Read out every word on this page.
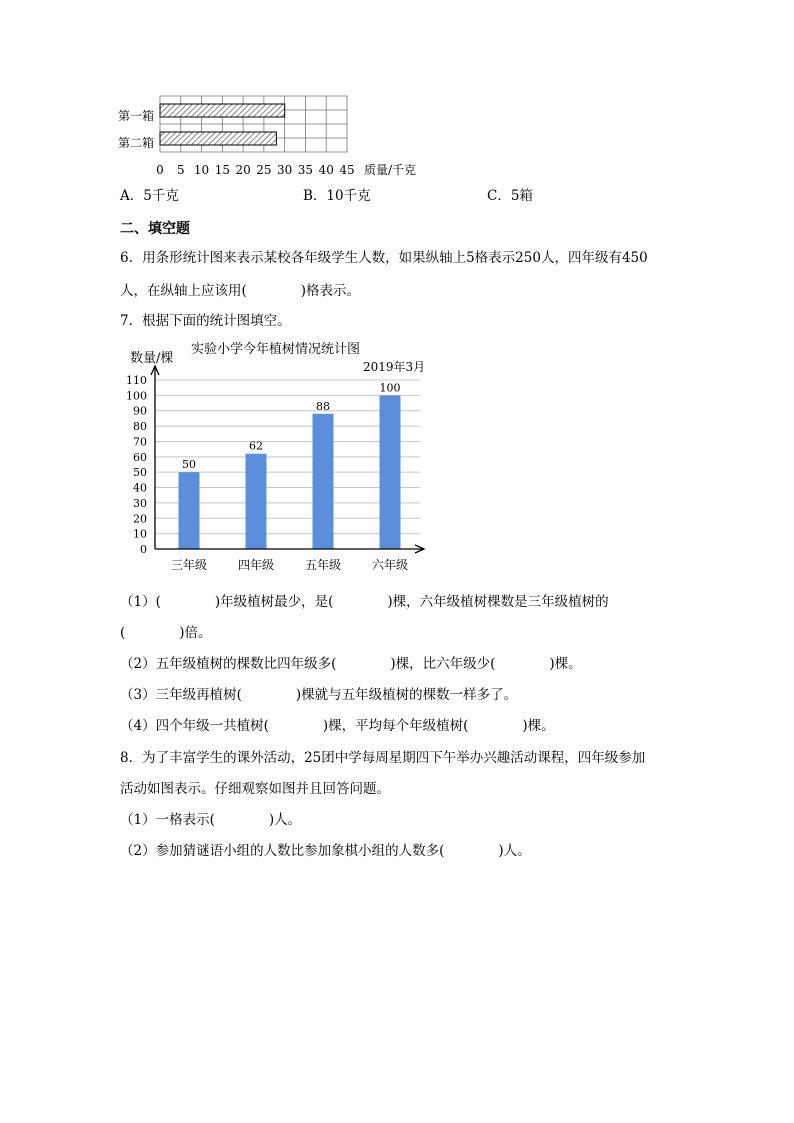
第一箱
第二箱
0 5 10 15 20 25 30 35 40 45 质量/千克
A．5千克	B．10千克	C．5箱
二、填空题
6．用条形统计图来表示某校各年级学生人数，如果纵轴上5格表示250人，四年级有450
人，在纵轴上应该用(　　　　)格表示。
7．根据下面的统计图填空。
数量/棵
实验小学今年植树情况统计图
2019年3月
50
62
88
100
0
10
20
30
40
50
60
70
80
90
100
110
三年级	四年级	五年级	六年级
（1）(　　　　)年级植树最少，是(　　　　)棵，六年级植树棵数是三年级植树的
(　　　　)倍。
（2）五年级植树的棵数比四年级多(　　　　)棵，比六年级少(　　　　)棵。
（3）三年级再植树(　　　　)棵就与五年级植树的棵数一样多了。
（4）四个年级一共植树(　　　　)棵，平均每个年级植树(　　　　)棵。
8．为了丰富学生的课外活动，25团中学每周星期四下午举办兴趣活动课程，四年级参加
活动如图表示。仔细观察如图并且回答问题。
（1）一格表示(　　　　)人。
（2）参加猜谜语小组的人数比参加象棋小组的人数多(　　　　)人。
